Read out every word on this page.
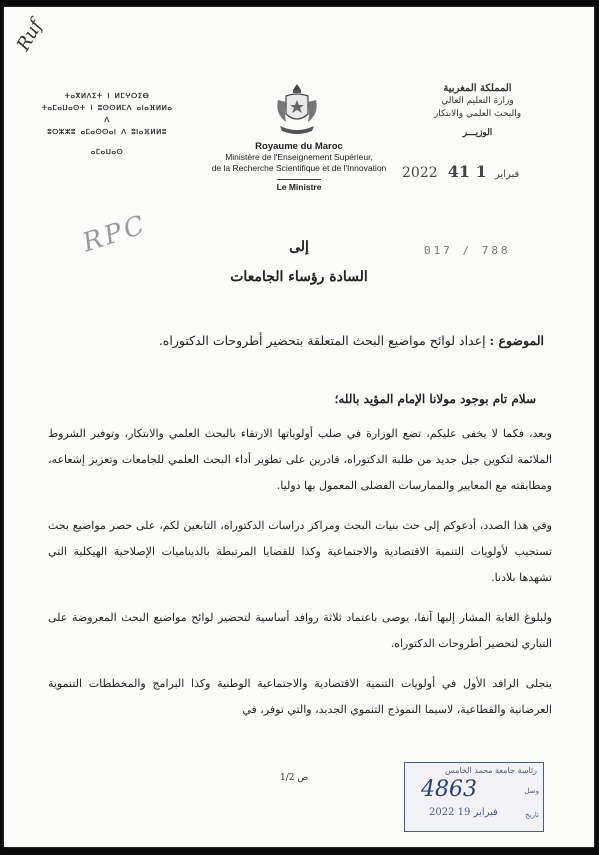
ⵜⴰⴳⵍⴷⵉⵜ ⵏ ⵍⵎⵖⵔⵉⴱ
ⵜⴰⵎⴰⵡⴰⵙⵜ ⵏ ⵓⵙⵙⵍⵎⴷ ⴰⵏⴰⴼⵍⵍⴰ ⴷ
ⵓⵔⵣⵣⵓ ⴰⵎⴰⵙⵙⴰⵏ ⴷ ⵓⵏⴰⴼⵍⵍⵓ
ⴰⵎⴰⵡⴰⵙ
المملكة المغربية
وزارة التعليم العالي
والبحث العلمي والابتكار
الوزيـــر
Royaume du Maroc
Ministère de l'Enseignement Supérieur,
de la Recherche Scientifique et de l'Innovation
Le Ministre
2022	فبراير 1 41
Ruf
RPC	017 / 788
إلى
السادة رؤساء الجامعات
الموضوع : إعداد لوائح مواضيع البحث المتعلقة بتحضير أطروحات الدكتوراه.
سلام تام بوجود مولانا الإمام المؤيد بالله؛

وبعد، فكما لا يخفى عليكم، تضع الوزارة في صلب أولوياتها الارتقاء بالبحث العلمي والابتكار، وتوفير الشروط الملائمة لتكوين جيل جديد من طلبة الدكتوراه، قادرين على تطوير أداء البحث العلمي للجامعات وتعزيز إشعاعه، ومطابقته مع المعايير والممارسات الفضلى المعمول بها دوليا.

وفي هذا الصدد، أدعوكم إلى حث بنيات البحث ومراكز دراسات الدكتوراه، التابعين لكم، على حصر مواضيع بحث تستجيب لأولويات التنمية الاقتصادية والاجتماعية وكذا للقضايا المرتبطة بالديناميات الإصلاحية الهيكلية التي تشهدها بلادنا.

ولبلوغ الغاية المشار إليها آنفا، يوصى باعتماد ثلاثة روافد أساسية لتحضير لوائح مواضيع البحث المعروضة على التباري لتحضير أطروحات الدكتوراه.

يتجلى الرافد الأول في أولويات التنمية الاقتصادية والاجتماعية الوطنية وكذا البرامج والمخططات التنموية العرضانية والقطاعية، لاسيما النموذج التنموي الجديد، والتي توفر، في

ص 1/2
رئاسة جامعة محمد الخامس
وصل
4863
تاريخ
2022 فبراير 19
